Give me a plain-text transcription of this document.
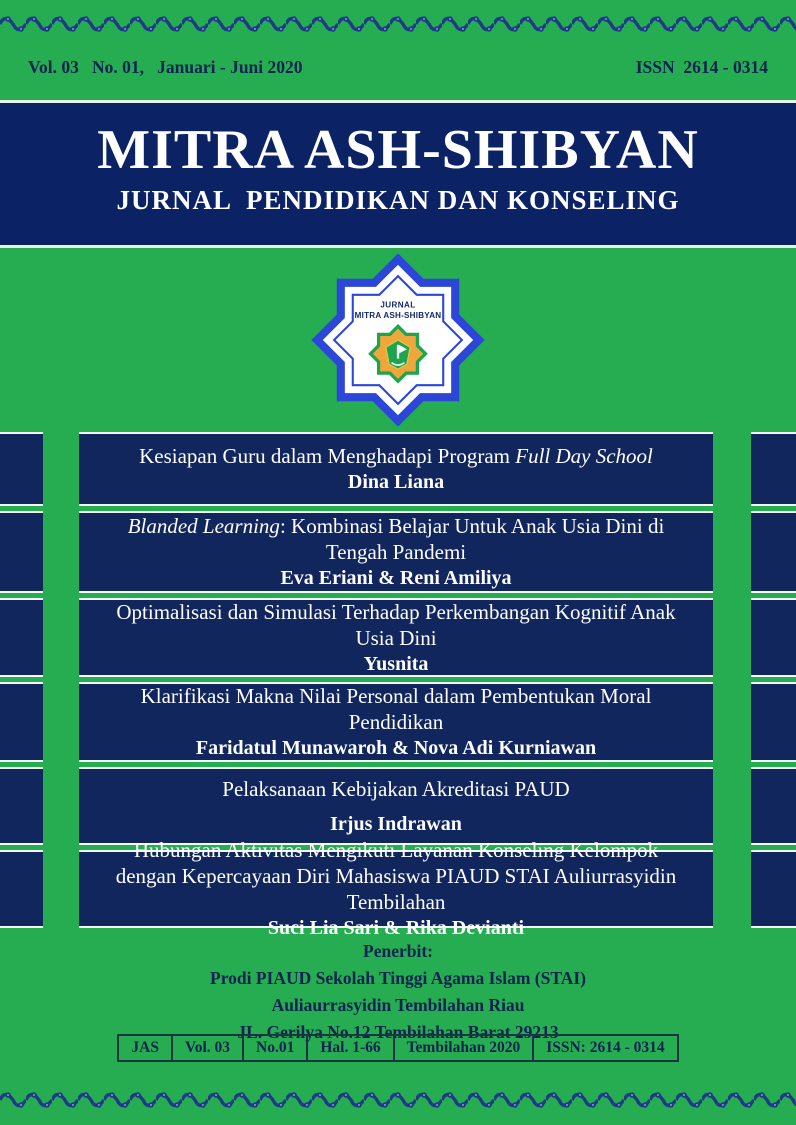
Vol. 03   No. 01,   Januari - Juni 2020	ISSN  2614 - 0314
MITRA ASH-SHIBYAN
JURNAL  PENDIDIKAN DAN KONSELING
JURNAL
MITRA ASH-SHIBYAN
Kesiapan Guru dalam Menghadapi Program Full Day School
Dina Liana
Blanded Learning: Kombinasi Belajar Untuk Anak Usia Dini di Tengah Pandemi
Eva Eriani & Reni Amiliya
Optimalisasi dan Simulasi Terhadap Perkembangan Kognitif Anak Usia Dini
Yusnita
Klarifikasi Makna Nilai Personal dalam Pembentukan Moral Pendidikan
Faridatul Munawaroh & Nova Adi Kurniawan
Pelaksanaan Kebijakan Akreditasi PAUD
Irjus Indrawan
Hubungan Aktivitas Mengikuti Layanan Konseling Kelompok dengan Kepercayaan Diri Mahasiswa PIAUD STAI Auliurrasyidin Tembilahan
Suci Lia Sari & Rika Devianti
Penerbit:
Prodi PIAUD Sekolah Tinggi Agama Islam (STAI)
Auliaurrasyidin Tembilahan Riau
JL. Gerilya No.12 Tembilahan Barat 29213
JAS	Vol. 03	No.01	Hal. 1-66	Tembilahan 2020	ISSN: 2614 - 0314
